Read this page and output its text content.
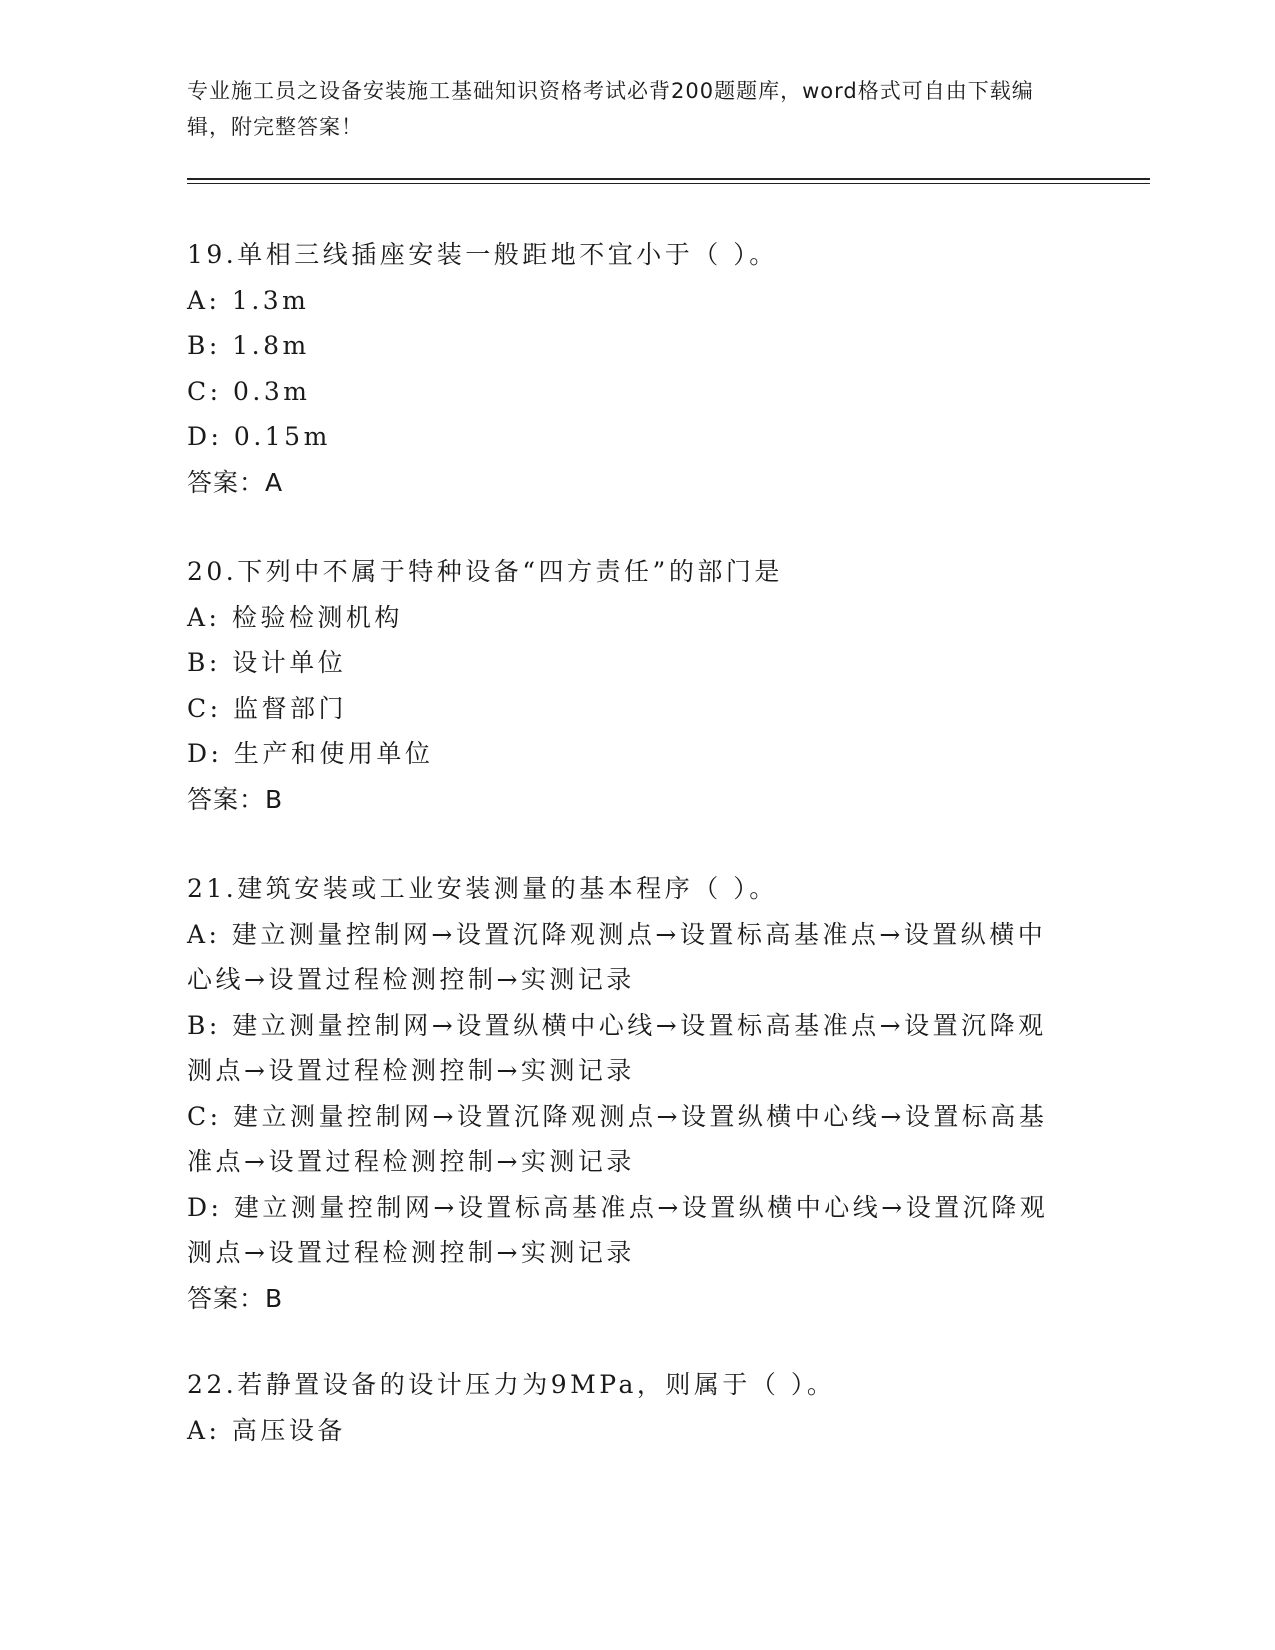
专业施工员之设备安装施工基础知识资格考试必背200题题库，word格式可自由下载编辑，附完整答案！
19.单相三线插座安装一般距地不宜小于（ ）。
A: 1.3m
B: 1.8m
C: 0.3m
D: 0.15m
答案：A
20.下列中不属于特种设备“四方责任”的部门是
A: 检验检测机构
B: 设计单位
C: 监督部门
D: 生产和使用单位
答案：B
21.建筑安装或工业安装测量的基本程序（ ）。
A: 建立测量控制网→设置沉降观测点→设置标高基准点→设置纵横中心线→设置过程检测控制→实测记录
B: 建立测量控制网→设置纵横中心线→设置标高基准点→设置沉降观测点→设置过程检测控制→实测记录
C: 建立测量控制网→设置沉降观测点→设置纵横中心线→设置标高基准点→设置过程检测控制→实测记录
D: 建立测量控制网→设置标高基准点→设置纵横中心线→设置沉降观测点→设置过程检测控制→实测记录
答案：B
22.若静置设备的设计压力为9MPa，则属于（ ）。
A: 高压设备
